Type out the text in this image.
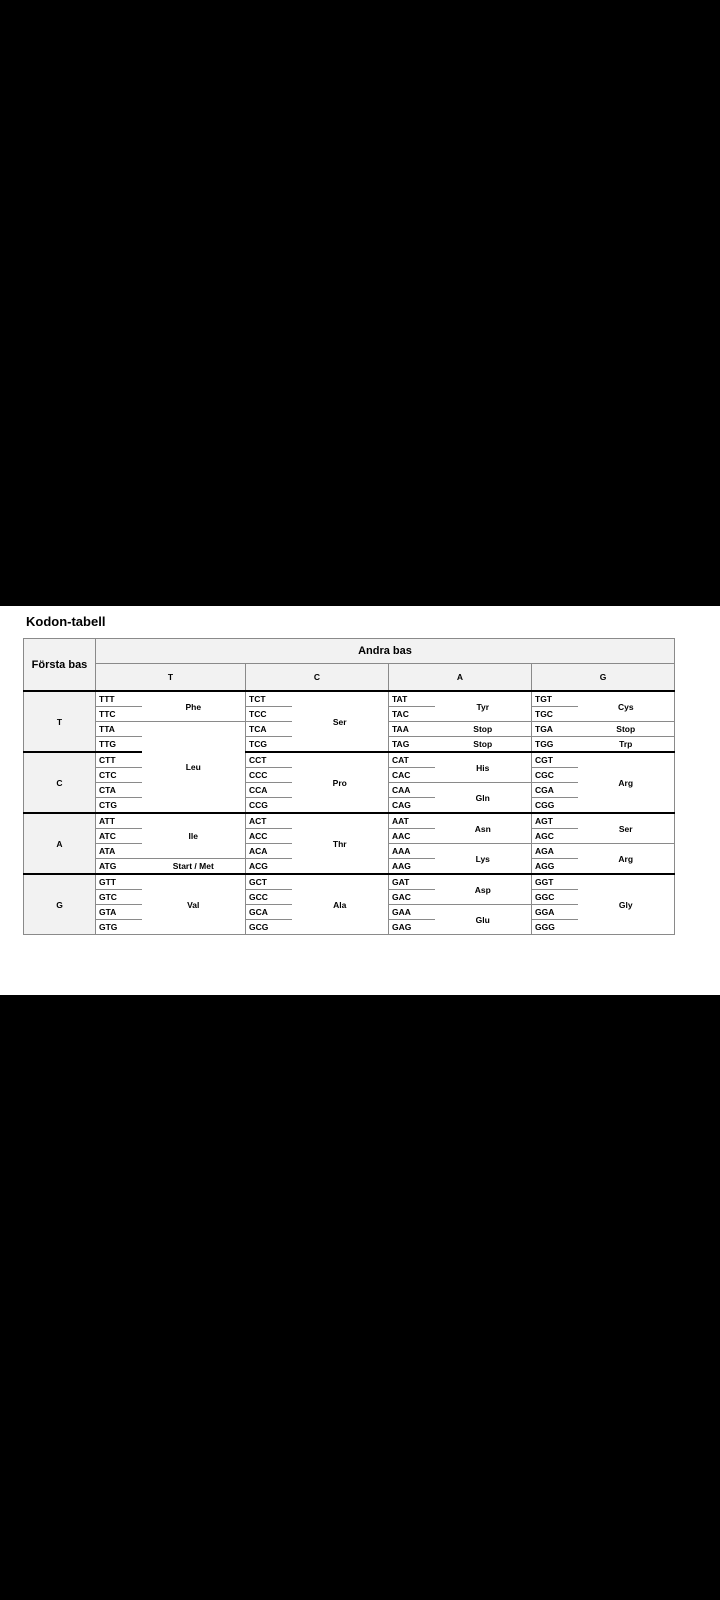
Kodon-tabell
Första bas	Andra bas							
	T		C		A		G	
T	TTT	Phe	TCT	Ser	TAT	Tyr	TGT	Cys
	TTC		TCC		TAC		TGC	
	TTA	Leu	TCA		TAA	Stop	TGA	Stop
	TTG		TCG		TAG	Stop	TGG	Trp
C	CTT		CCT	Pro	CAT	His	CGT	Arg
	CTC		CCC		CAC		CGC	
	CTA		CCA		CAA	Gln	CGA	
	CTG		CCG		CAG		CGG	
A	ATT	Ile	ACT	Thr	AAT	Asn	AGT	Ser
	ATC		ACC		AAC		AGC	
	ATA		ACA		AAA	Lys	AGA	Arg
	ATG	Start / Met	ACG		AAG		AGG	
G	GTT	Val	GCT	Ala	GAT	Asp	GGT	Gly
	GTC		GCC		GAC		GGC	
	GTA		GCA		GAA	Glu	GGA	
	GTG		GCG		GAG		GGG	
